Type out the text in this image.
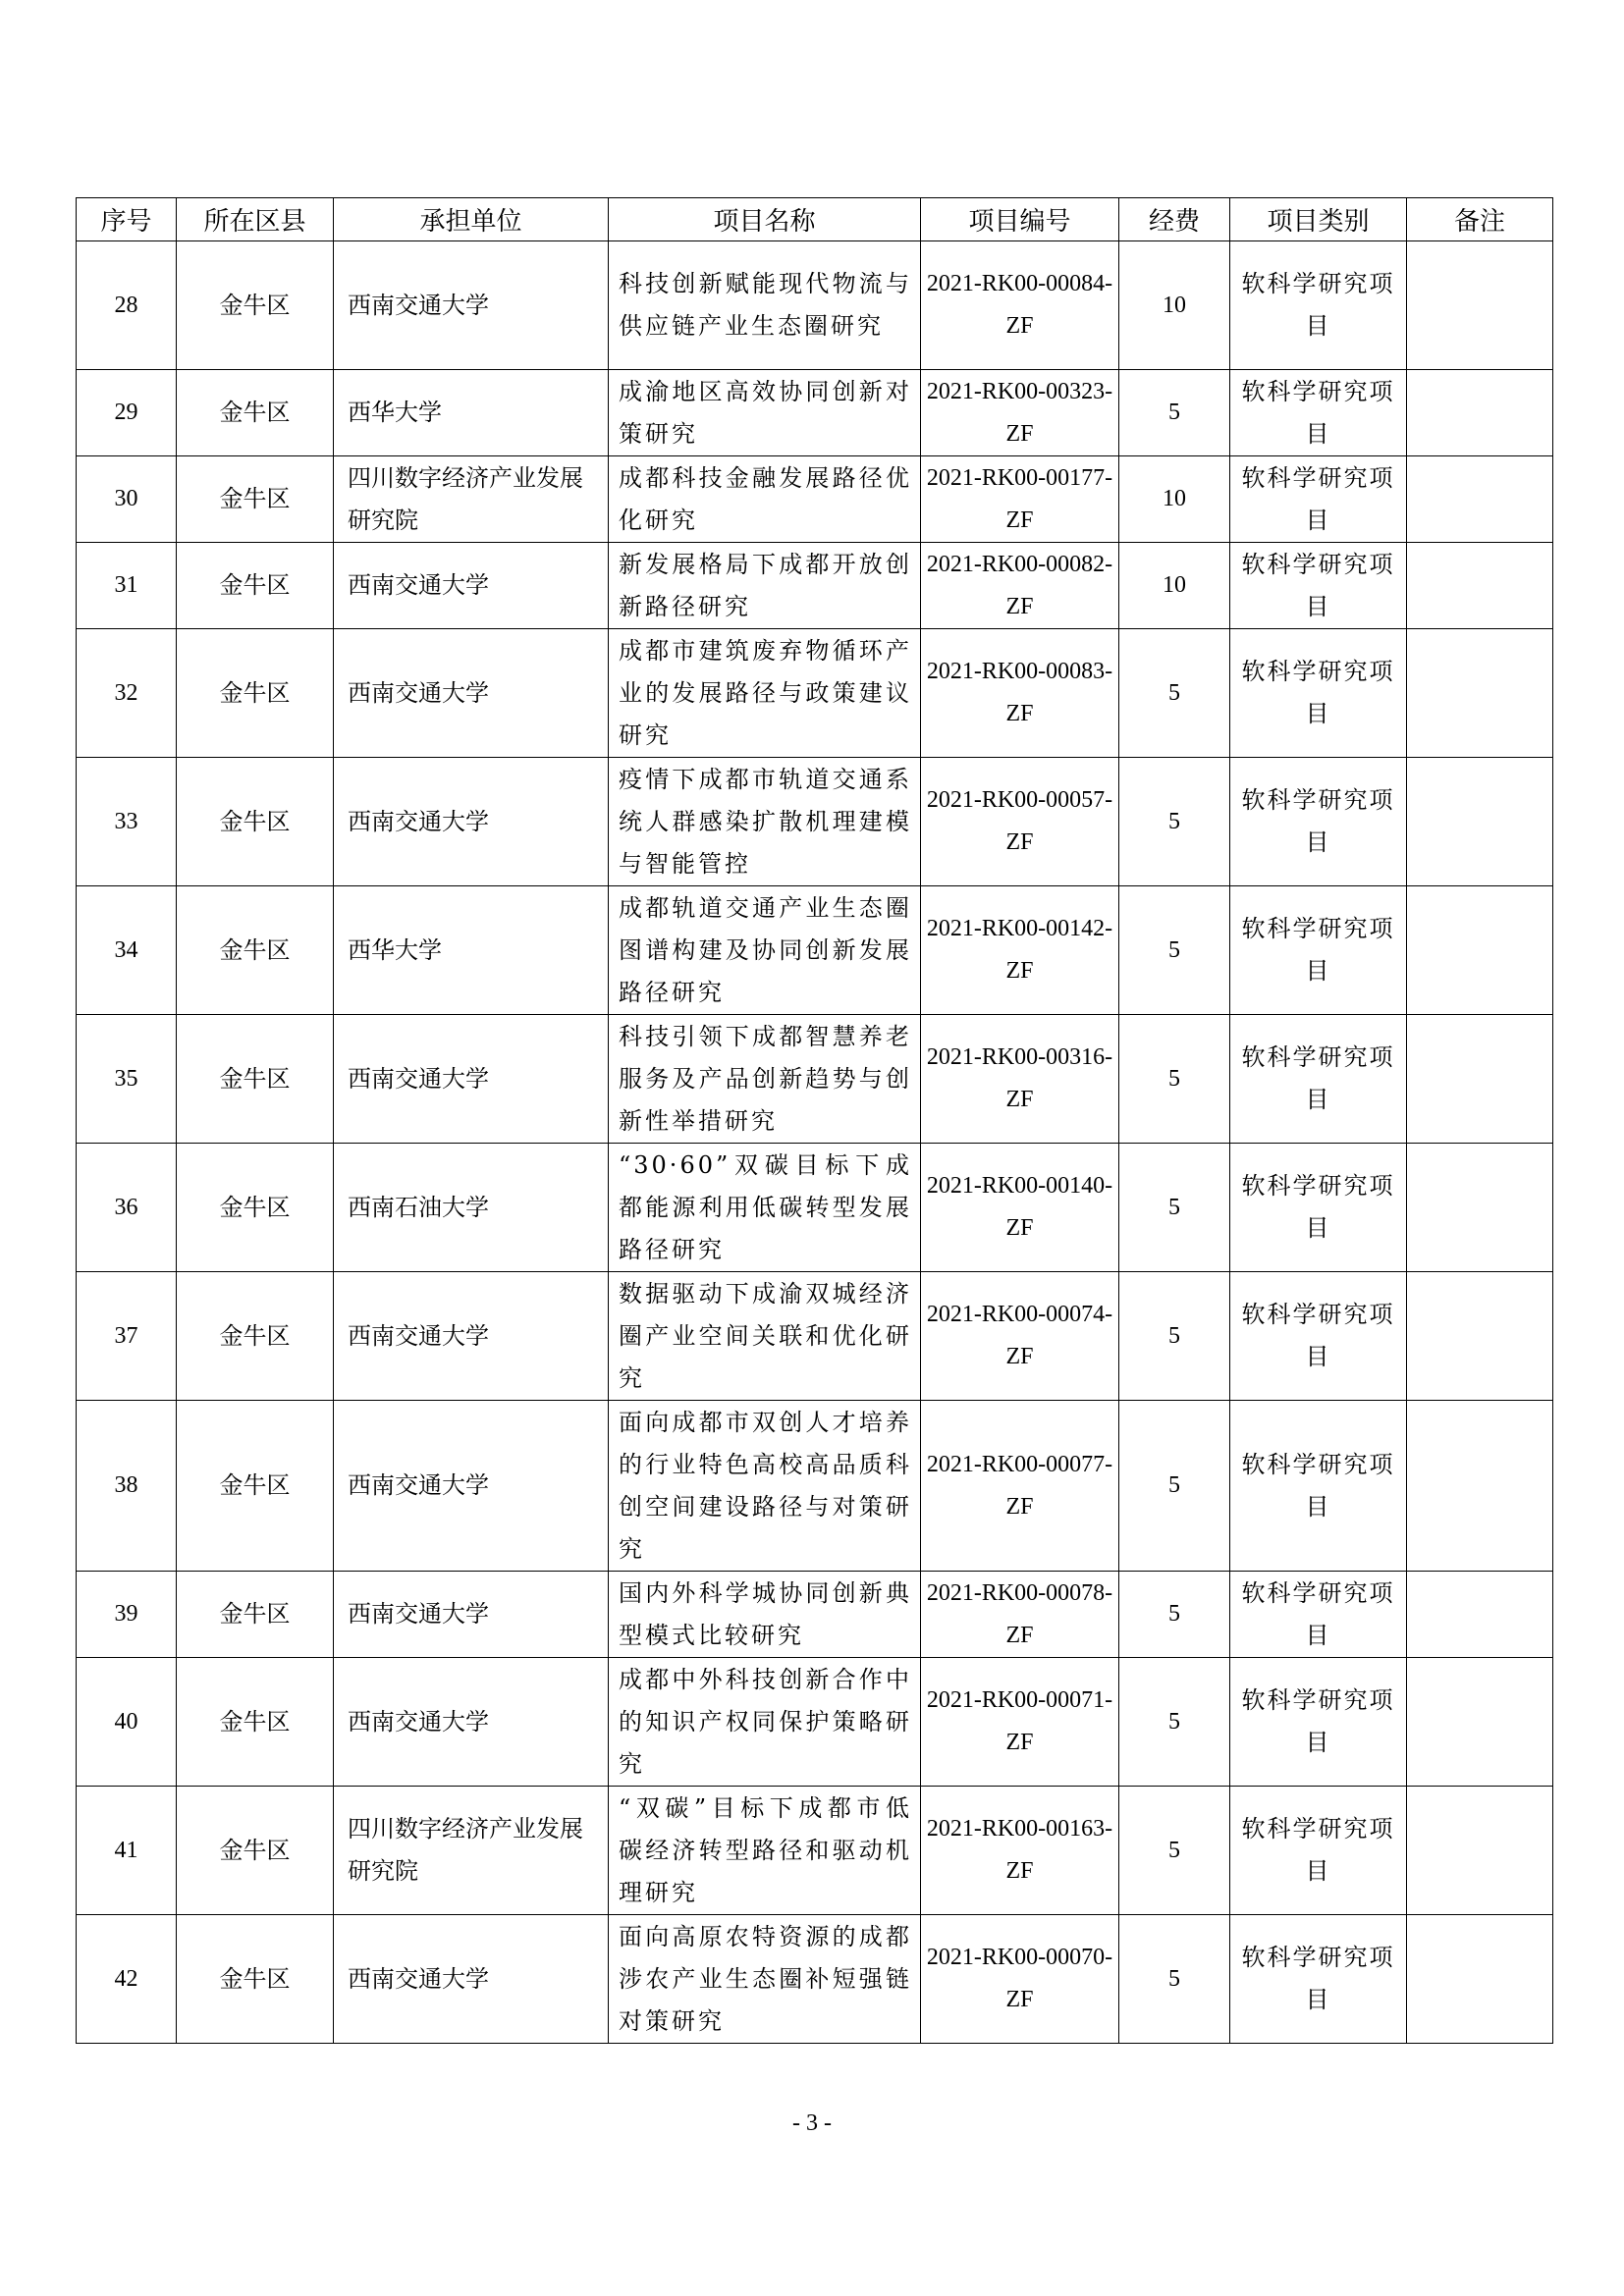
序号	所在区县	承担单位	项目名称	项目编号	经费	项目类别	备注
28	金牛区	西南交通大学	科技创新赋能现代物流与供应链产业生态圈研究	2021-RK00-00084-ZF	10	软科学研究项目	
29	金牛区	西华大学	成渝地区高效协同创新对策研究	2021-RK00-00323-ZF	5	软科学研究项目	
30	金牛区	四川数字经济产业发展研究院	成都科技金融发展路径优化研究	2021-RK00-00177-ZF	10	软科学研究项目	
31	金牛区	西南交通大学	新发展格局下成都开放创新路径研究	2021-RK00-00082-ZF	10	软科学研究项目	
32	金牛区	西南交通大学	成都市建筑废弃物循环产业的发展路径与政策建议研究	2021-RK00-00083-ZF	5	软科学研究项目	
33	金牛区	西南交通大学	疫情下成都市轨道交通系统人群感染扩散机理建模与智能管控	2021-RK00-00057-ZF	5	软科学研究项目	
34	金牛区	西华大学	成都轨道交通产业生态圈图谱构建及协同创新发展路径研究	2021-RK00-00142-ZF	5	软科学研究项目	
35	金牛区	西南交通大学	科技引领下成都智慧养老服务及产品创新趋势与创新性举措研究	2021-RK00-00316-ZF	5	软科学研究项目	
36	金牛区	西南石油大学	“30·60”双碳目标下成都能源利用低碳转型发展路径研究	2021-RK00-00140-ZF	5	软科学研究项目	
37	金牛区	西南交通大学	数据驱动下成渝双城经济圈产业空间关联和优化研究	2021-RK00-00074-ZF	5	软科学研究项目	
38	金牛区	西南交通大学	面向成都市双创人才培养的行业特色高校高品质科创空间建设路径与对策研究	2021-RK00-00077-ZF	5	软科学研究项目	
39	金牛区	西南交通大学	国内外科学城协同创新典型模式比较研究	2021-RK00-00078-ZF	5	软科学研究项目	
40	金牛区	西南交通大学	成都中外科技创新合作中的知识产权同保护策略研究	2021-RK00-00071-ZF	5	软科学研究项目	
41	金牛区	四川数字经济产业发展研究院	“双碳”目标下成都市低碳经济转型路径和驱动机理研究	2021-RK00-00163-ZF	5	软科学研究项目	
42	金牛区	西南交通大学	面向高原农特资源的成都涉农产业生态圈补短强链对策研究	2021-RK00-00070-ZF	5	软科学研究项目	
- 3 -
